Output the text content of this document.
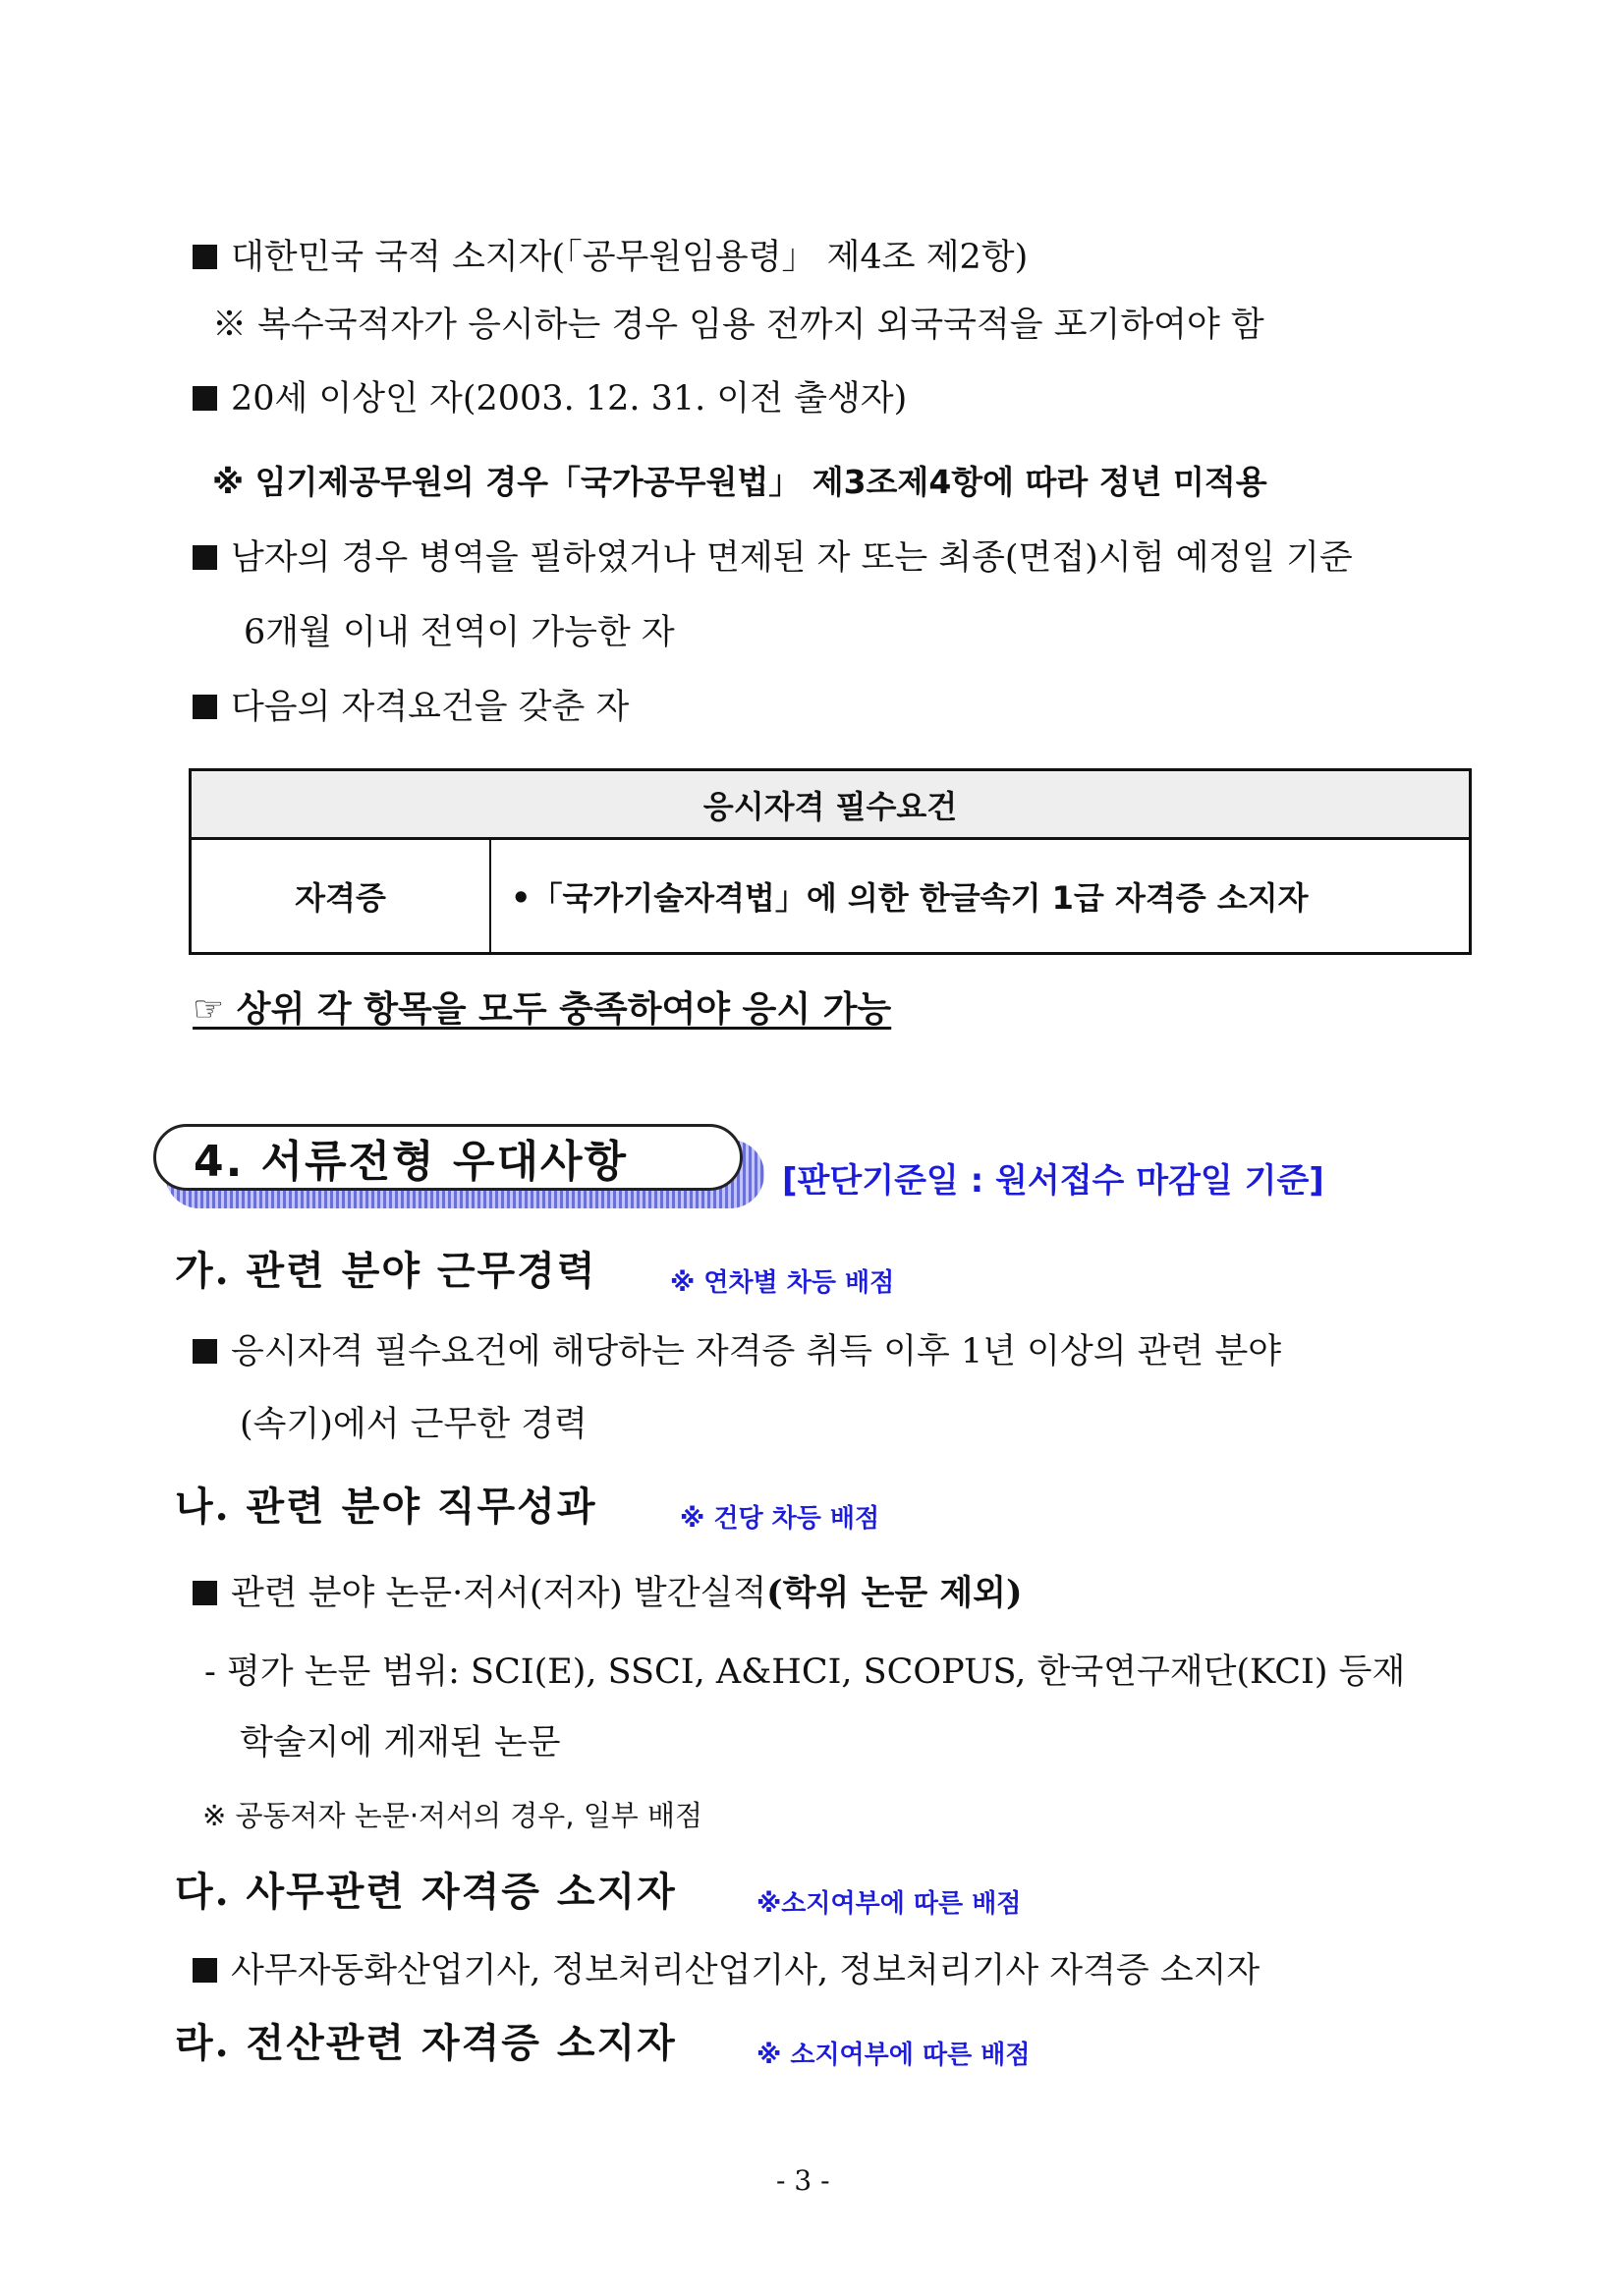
대한민국 국적 소지자(「공무원임용령」 제4조 제2항)
※ 복수국적자가 응시하는 경우 임용 전까지 외국국적을 포기하여야 함
20세 이상인 자(2003. 12. 31. 이전 출생자)
※ 임기제공무원의 경우「국가공무원법」 제3조제4항에 따라 정년 미적용
남자의 경우 병역을 필하였거나 면제된 자 또는 최종(면접)시험 예정일 기준
6개월 이내 전역이 가능한 자
다음의 자격요건을 갖춘 자
응시자격 필수요건
자격증	•「국가기술자격법」에 의한 한글속기 1급 자격증 소지자
☞ 상위 각 항목을 모두 충족하여야 응시 가능
4. 서류전형 우대사항	[판단기준일 : 원서접수 마감일 기준]
가. 관련 분야 근무경력	※ 연차별 차등 배점
응시자격 필수요건에 해당하는 자격증 취득 이후 1년 이상의 관련 분야
(속기)에서 근무한 경력
나. 관련 분야 직무성과	※ 건당 차등 배점
관련 분야 논문·저서(저자) 발간실적(학위 논문 제외)
- 평가 논문 범위: SCI(E), SSCI, A&HCI, SCOPUS, 한국연구재단(KCI) 등재
학술지에 게재된 논문
※ 공동저자 논문·저서의 경우, 일부 배점
다. 사무관련 자격증 소지자	※소지여부에 따른 배점
사무자동화산업기사, 정보처리산업기사, 정보처리기사 자격증 소지자
라. 전산관련 자격증 소지자	※ 소지여부에 따른 배점
- 3 -
